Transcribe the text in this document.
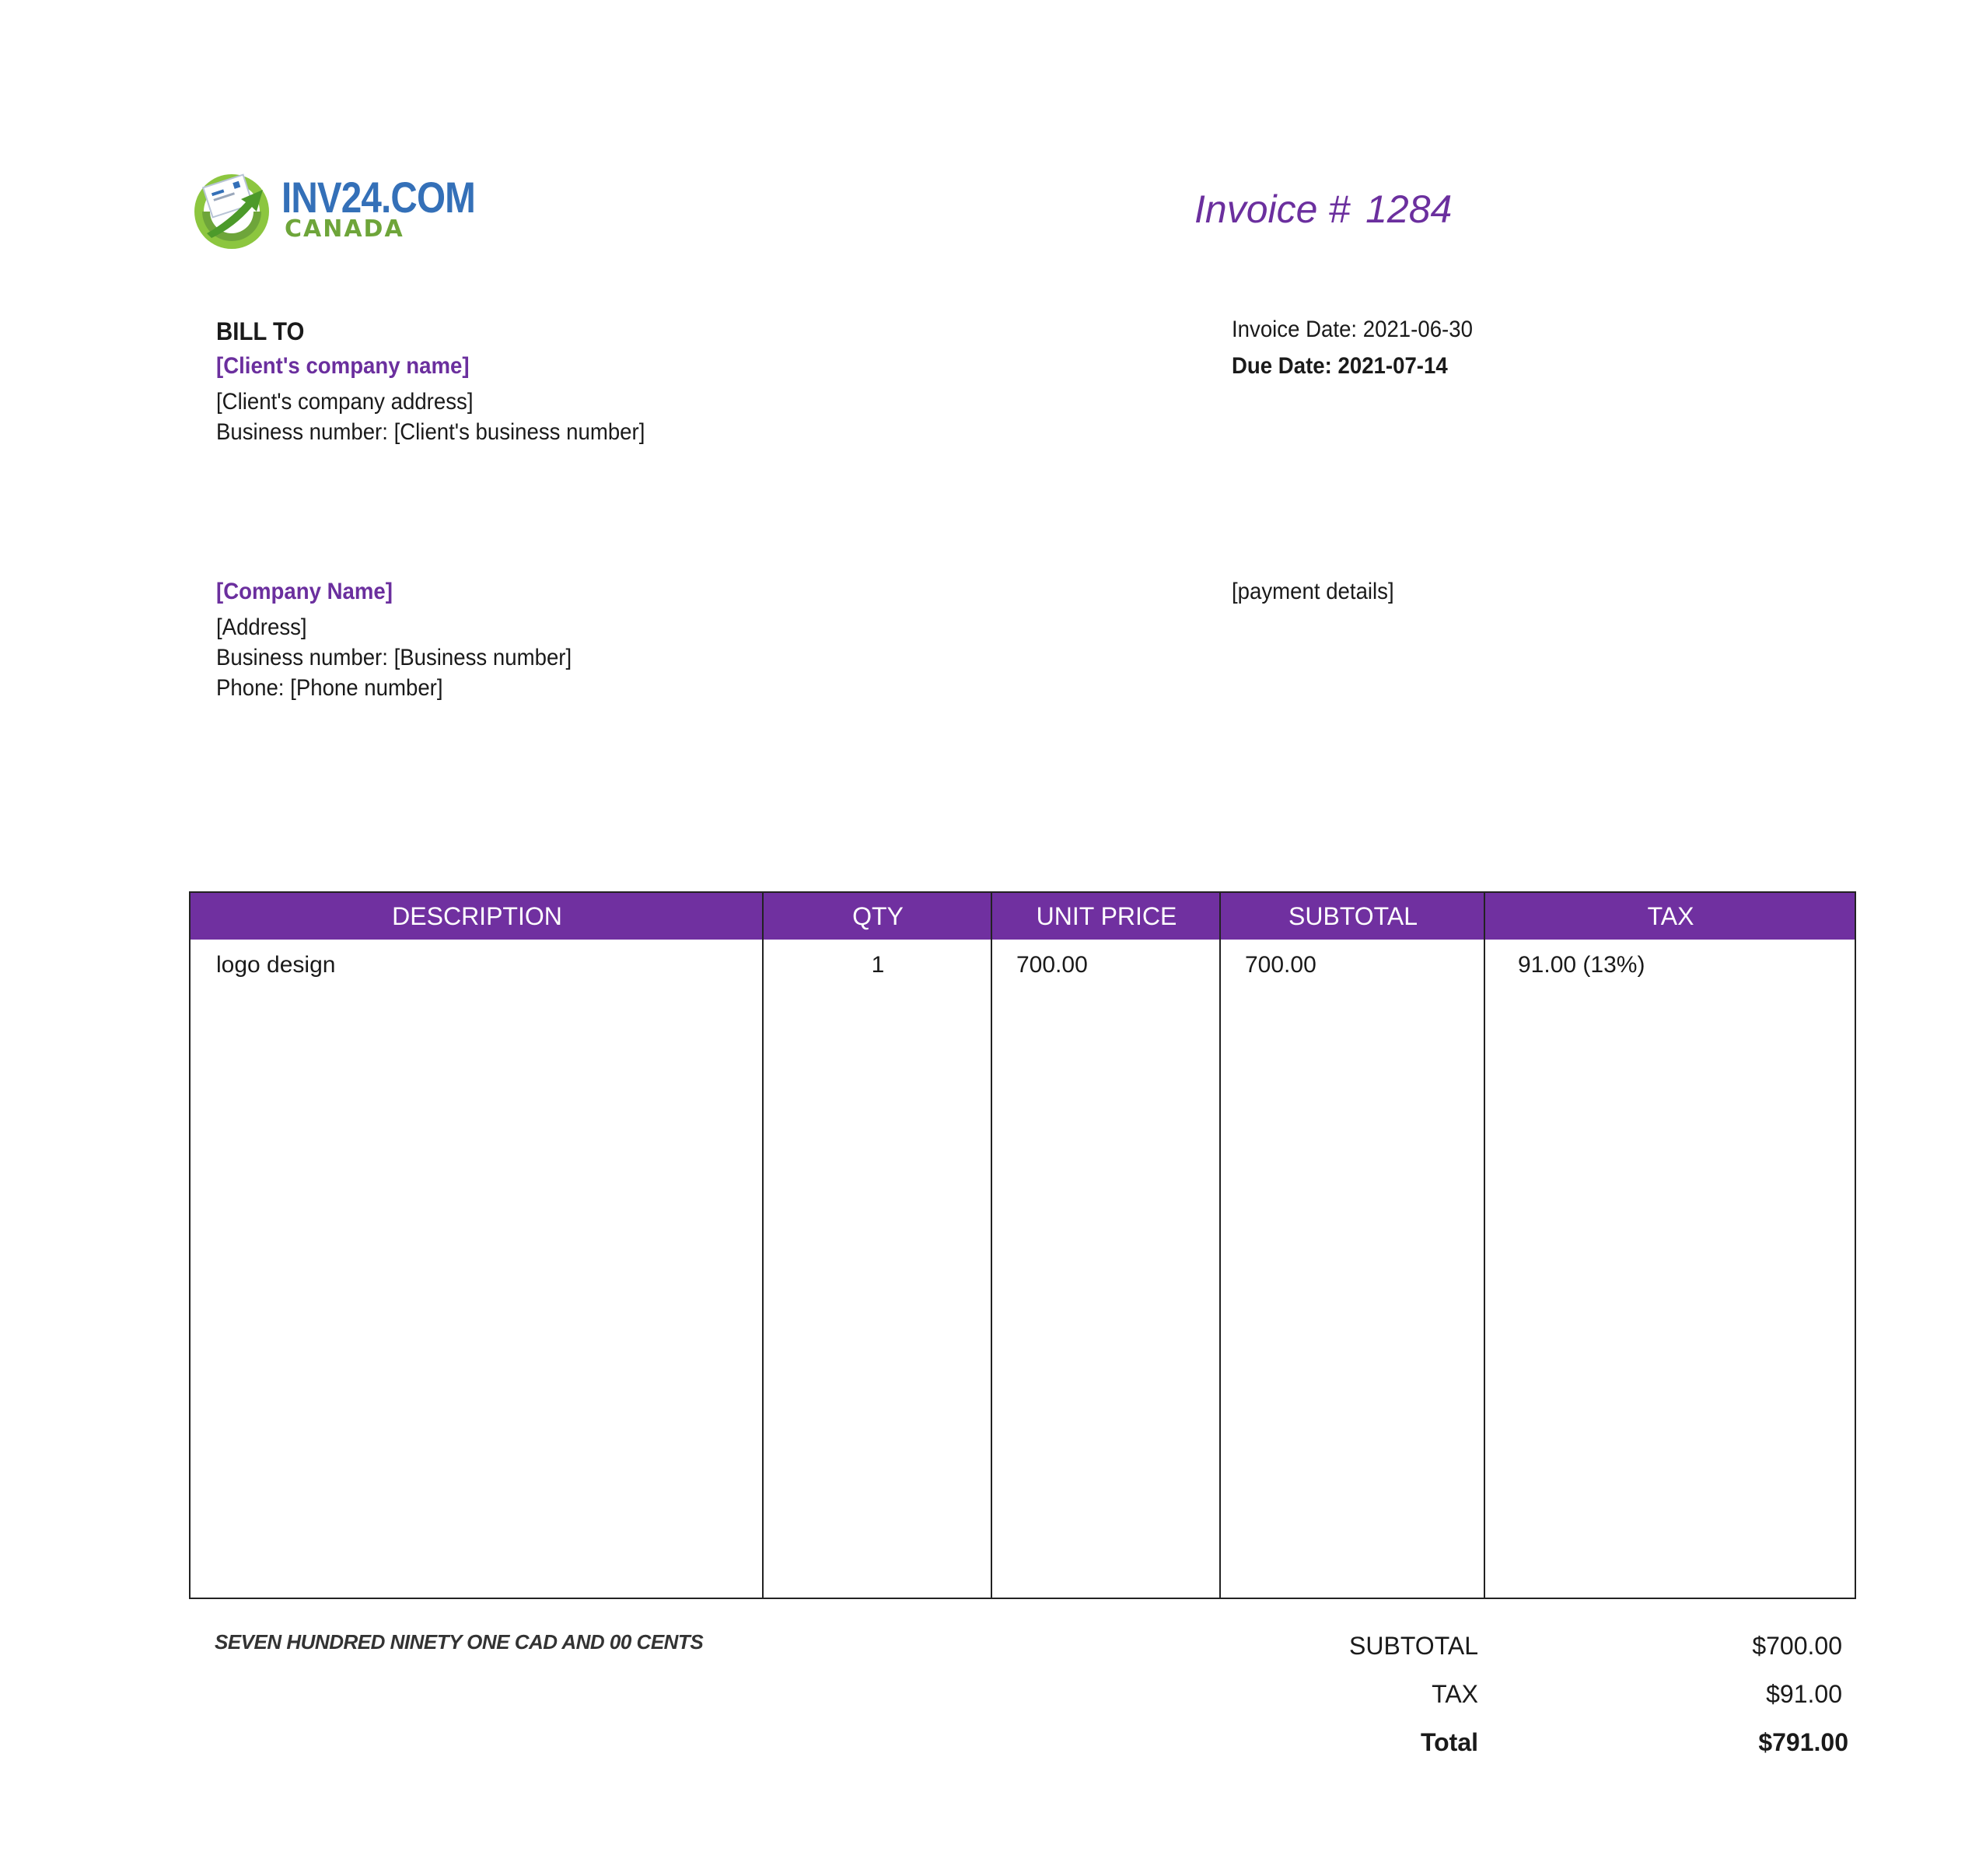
INV24.COM
CANADA	Invoice # 1284
BILL TO
[Client's company name]
[Client's company address]
Business number: [Client's business number]
Invoice Date: 2021-06-30
Due Date: 2021-07-14
[Company Name]
[Address]
Business number: [Business number]
Phone: [Phone number]
[payment details]
DESCRIPTION	QTY	UNIT PRICE	SUBTOTAL	TAX
logo design	1	700.00	700.00	91.00 (13%)
SEVEN HUNDRED NINETY ONE CAD AND 00 CENTS	SUBTOTAL	$700.00
TAX	$91.00
Total	$791.00
